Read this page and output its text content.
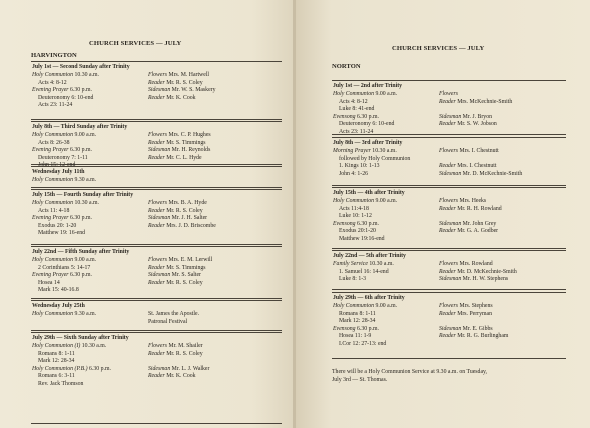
CHURCH SERVICES — JULY
HARVINGTON
July 1st — Second Sunday after Trinity
Holy Communion 10.30 a.m.
Acts 4: 8-12
Evening Prayer 6.30 p.m.
Deuteronomy 6: 10-end
Acts 23: 11-24
Flowers Mrs. M. Hartwell
Reader Mr. R. S. Coley
Sidesman Mr. W. S. Maskery
Reader Mr. K. Cook
July 8th — Third Sunday after Trinity
Holy Communion 9.00 a.m.
Acts 8: 26-38
Evening Prayer 6.30 p.m.
Deuteronomy 7: 1-11
John 15: 12-end
Flowers Mrs. C. P. Hughes
Reader Mr. S. Timmings
Sidesman Mr. H. Reynolds
Reader Mr. C. L. Hyde
Wednesday July 11th
Holy Communion 9.30 a.m.
July 15th — Fourth Sunday after Trinity
Holy Communion 10.30 a.m.
Acts 11: 4-18
Evening Prayer 6.30 p.m.
Exodus 20: 1-20
Matthew 19: 16-end
Flowers Mrs. B. A. Hyde
Reader Mr. R. S. Coley
Sidesman Mr. J. H. Salter
Reader Mrs. J. D. Briscombe
July 22nd — Fifth Sunday after Trinity
Holy Communion 9.00 a.m.
2 Corinthians 5: 14-17
Evening Prayer 6.30 p.m.
Hosea 14
Mark 15: 40-16.8
Flowers Mrs. E. M. Lerwill
Reader Mr. S. Timmings
Sidesman Mr. S. Salter
Reader Mr. R. S. Coley
Wednesday July 25th
Holy Communion 9.30 a.m.	St. James the Apostle.
Patronal Festival
July 29th — Sixth Sunday after Trinity
Holy Communion (I) 10.30 a.m.
Romans 8: 1-11
Mark 12: 28-34
Holy Communion (P.B.) 6.30 p.m.
Romans 6: 3-11
Rev. Jack Thomson
Flowers Mr. M. Shailer
Reader Mr. R. S. Coley

Sidesman Mr. L. J. Walker
Reader Mr. K. Cook
CHURCH SERVICES — JULY
NORTON
July 1st — 2nd after Trinity
Holy Communion 9.00 a.m.
Acts 4: 8-12
Luke 8: 41-end
Evensong 6.30 p.m.
Deuteronomy 6: 10-end
Acts 23: 11-24
Flowers
Reader Mrs. McKechnie-Smith

Sidesman Mr. J. Bryon
Reader Mr. S. W. Jobson
July 8th — 3rd after Trinity
Morning Prayer 10.30 a.m.
followed by Holy Communion
1. Kings 10: 1-13
John 4: 1-26
Flowers Mrs. I. Chestnutt

Reader Mrs. I. Chestnutt
Sidesman Mr. D. McKechnie-Smith
July 15th — 4th after Trinity
Holy Communion 9.00 a.m.
Acts 11:4-18
Luke 10: 1-12
Evensong 6.30 p.m.
Exodus 20:1-20
Matthew 19:16-end
Flowers Mrs. Heeks
Reader Mr. R. H. Rowland

Sidesman Mr. John Grey
Reader Mr. G. A. Godber
July 22nd — 5th after Trinity
Family Service 10.30 a.m.
1. Samuel 16: 14-end
Luke 8: 1-3
Flowers Mrs. Rowland
Reader Mr. D. McKechnie-Smith
Sidesman Mr. H. W. Stephens
July 29th — 6th after Trinity
Holy Communion 9.00 a.m.
Romans 8: 1-11
Mark 12: 28-34
Evensong 6.30 p.m.
Hosea 11: 1-9
I.Cor 12: 27-13: end
Flowers Mrs. Stephens
Reader Mrs. Perryman

Sidesman Mr. E. Gibbs
Reader Mr. R. G. Burlingham
There will be a Holy Communion Service at 9.30 a.m. on Tuesday,
July 3rd — St. Thomas.
